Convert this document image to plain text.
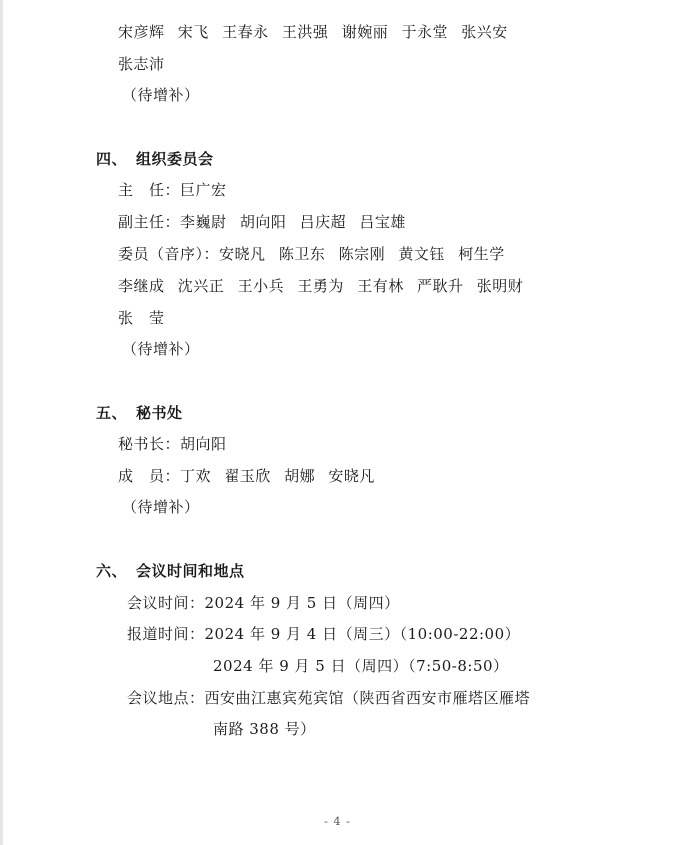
宋彦辉 宋飞 王春永 王洪强 谢婉丽 于永堂 张兴安
张志沛
（待增补）
四、 组织委员会
主　任：巨广宏
副主任：李巍尉 胡向阳 吕庆超 吕宝雄
委员（音序）：安晓凡 陈卫东 陈宗刚 黄文钰 柯生学
李继成 沈兴正 王小兵 王勇为 王有林 严耿升 张明财
张　莹
（待增补）
五、 秘书处
秘书长：胡向阳
成　员：丁欢 翟玉欣 胡娜 安晓凡
（待增补）
六、 会议时间和地点
会议时间：2024 年 9 月 5 日（周四）
报道时间：2024 年 9 月 4 日（周三）（10:00-22:00）
2024 年 9 月 5 日（周四）（7:50-8:50）
会议地点：西安曲江惠宾苑宾馆（陕西省西安市雁塔区雁塔
南路 388 号）
- 4 -
